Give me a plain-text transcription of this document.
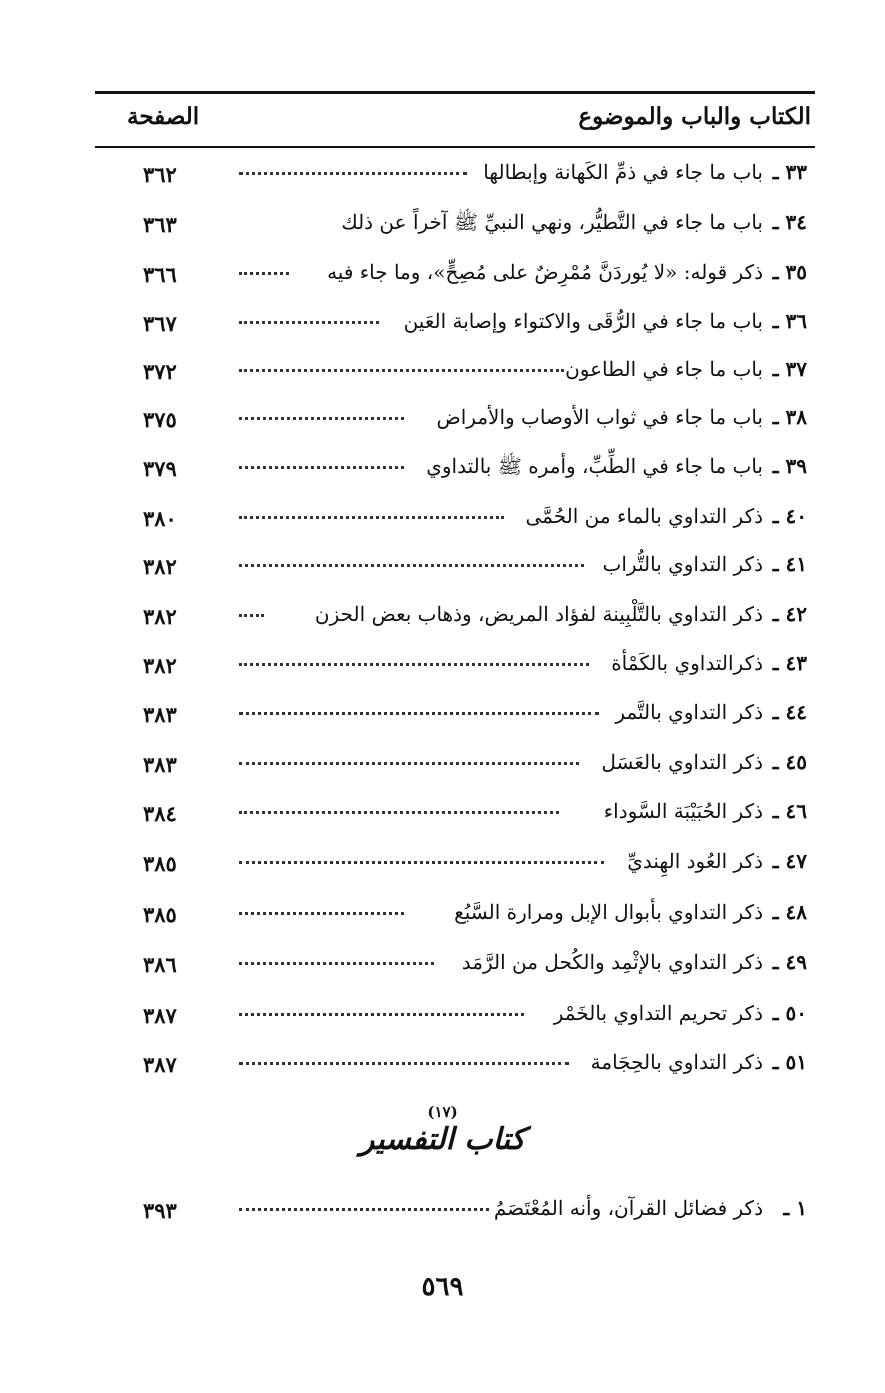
الكتاب والباب والموضوع
الصفحة
٣٣ ـ
باب ما جاء في ذمِّ الكَهانة وإبطالها
٣٦٢
٣٤ ـ
باب ما جاء في التَّطيُّر، ونهي النبيِّ ﷺ آخراً عن ذلك
٣٦٣
٣٥ ـ
ذكر قوله: «لا يُوردَنَّ مُمْرِضٌ على مُصِحٍّ»، وما جاء فيه
٣٦٦
٣٦ ـ
باب ما جاء في الرُّقَى والاكتواء وإصابة العَين
٣٦٧
٣٧ ـ
باب ما جاء في الطاعون
٣٧٢
٣٨ ـ
باب ما جاء في ثواب الأوصاب والأمراض
٣٧٥
٣٩ ـ
باب ما جاء في الطِّبِّ، وأمره ﷺ بالتداوي
٣٧٩
٤٠ ـ
ذكر التداوي بالماء من الحُمَّى
٣٨٠
٤١ ـ
ذكر التداوي بالتُّراب
٣٨٢
٤٢ ـ
ذكر التداوي بالتَّلْبِينة لفؤاد المريض، وذهاب بعض الحزن
٣٨٢
٤٣ ـ
ذكرالتداوي بالكَمْأة
٣٨٢
٤٤ ـ
ذكر التداوي بالتَّمر
٣٨٣
٤٥ ـ
ذكر التداوي بالعَسَل
٣٨٣
٤٦ ـ
ذكر الحُبَيْبَة السَّوداء
٣٨٤
٤٧ ـ
ذكر العُود الهِنديِّ
٣٨٥
٤٨ ـ
ذكر التداوي بأبوال الإبل ومرارة السَّبُع
٣٨٥
٤٩ ـ
ذكر التداوي بالإثْمِد والكُحل من الرَّمَد
٣٨٦
٥٠ ـ
ذكر تحريم التداوي بالخَمْر
٣٨٧
٥١ ـ
ذكر التداوي بالحِجَامة
٣٨٧
(١٧)
كتاب التفسير
١ ـ
ذكر فضائل القرآن، وأنه المُعْتَصَمُ
٣٩٣
٥٦٩
